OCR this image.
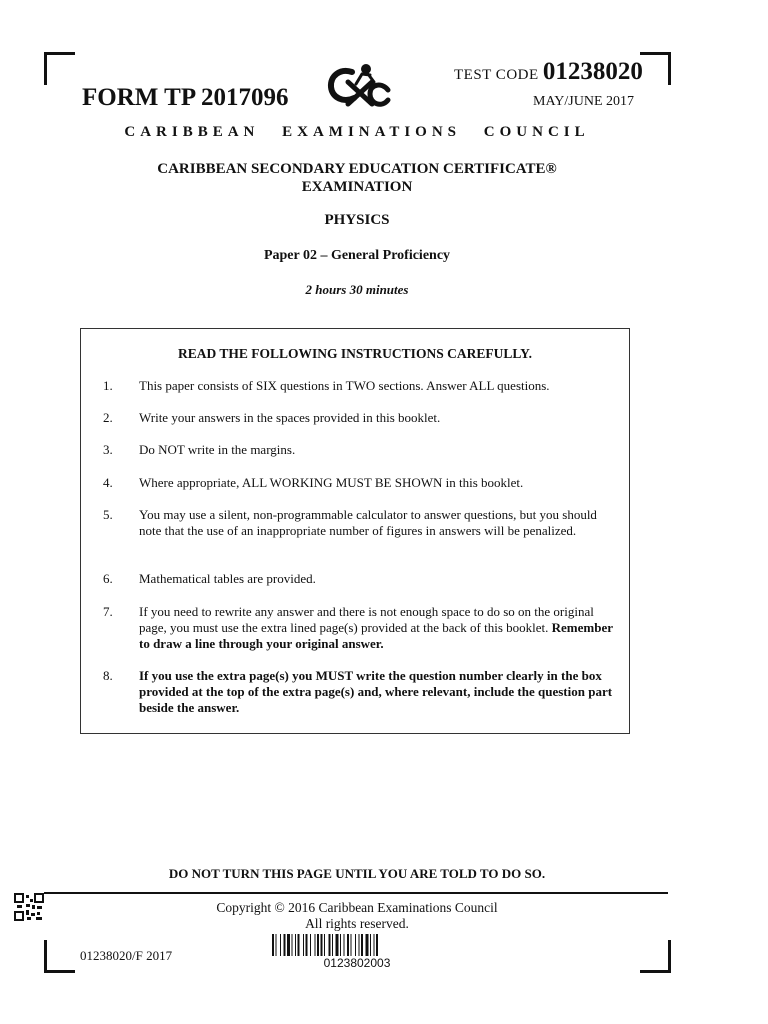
FORM TP 2017096
TEST CODE 01238020
MAY/JUNE 2017
CARIBBEAN EXAMINATIONS COUNCIL
CARIBBEAN SECONDARY EDUCATION CERTIFICATE®
EXAMINATION
PHYSICS
Paper 02 – General Proficiency
2 hours 30 minutes
READ THE FOLLOWING INSTRUCTIONS CAREFULLY.
1.	This paper consists of SIX questions in TWO sections. Answer ALL questions.
2.	Write your answers in the spaces provided in this booklet.
3.	Do NOT write in the margins.
4.	Where appropriate, ALL WORKING MUST BE SHOWN in this booklet.
5.	You may use a silent, non-programmable calculator to answer questions, but you should note that the use of an inappropriate number of figures in answers will be penalized.
6.	Mathematical tables are provided.
7.	If you need to rewrite any answer and there is not enough space to do so on the original page, you must use the extra lined page(s) provided at the back of this booklet. Remember to draw a line through your original answer.
8.	If you use the extra page(s) you MUST write the question number clearly in the box provided at the top of the extra page(s) and, where relevant, include the question part beside the answer.
DO NOT TURN THIS PAGE UNTIL YOU ARE TOLD TO DO SO.
Copyright © 2016 Caribbean Examinations Council
All rights reserved.
01238020/F 2017	0123802003
